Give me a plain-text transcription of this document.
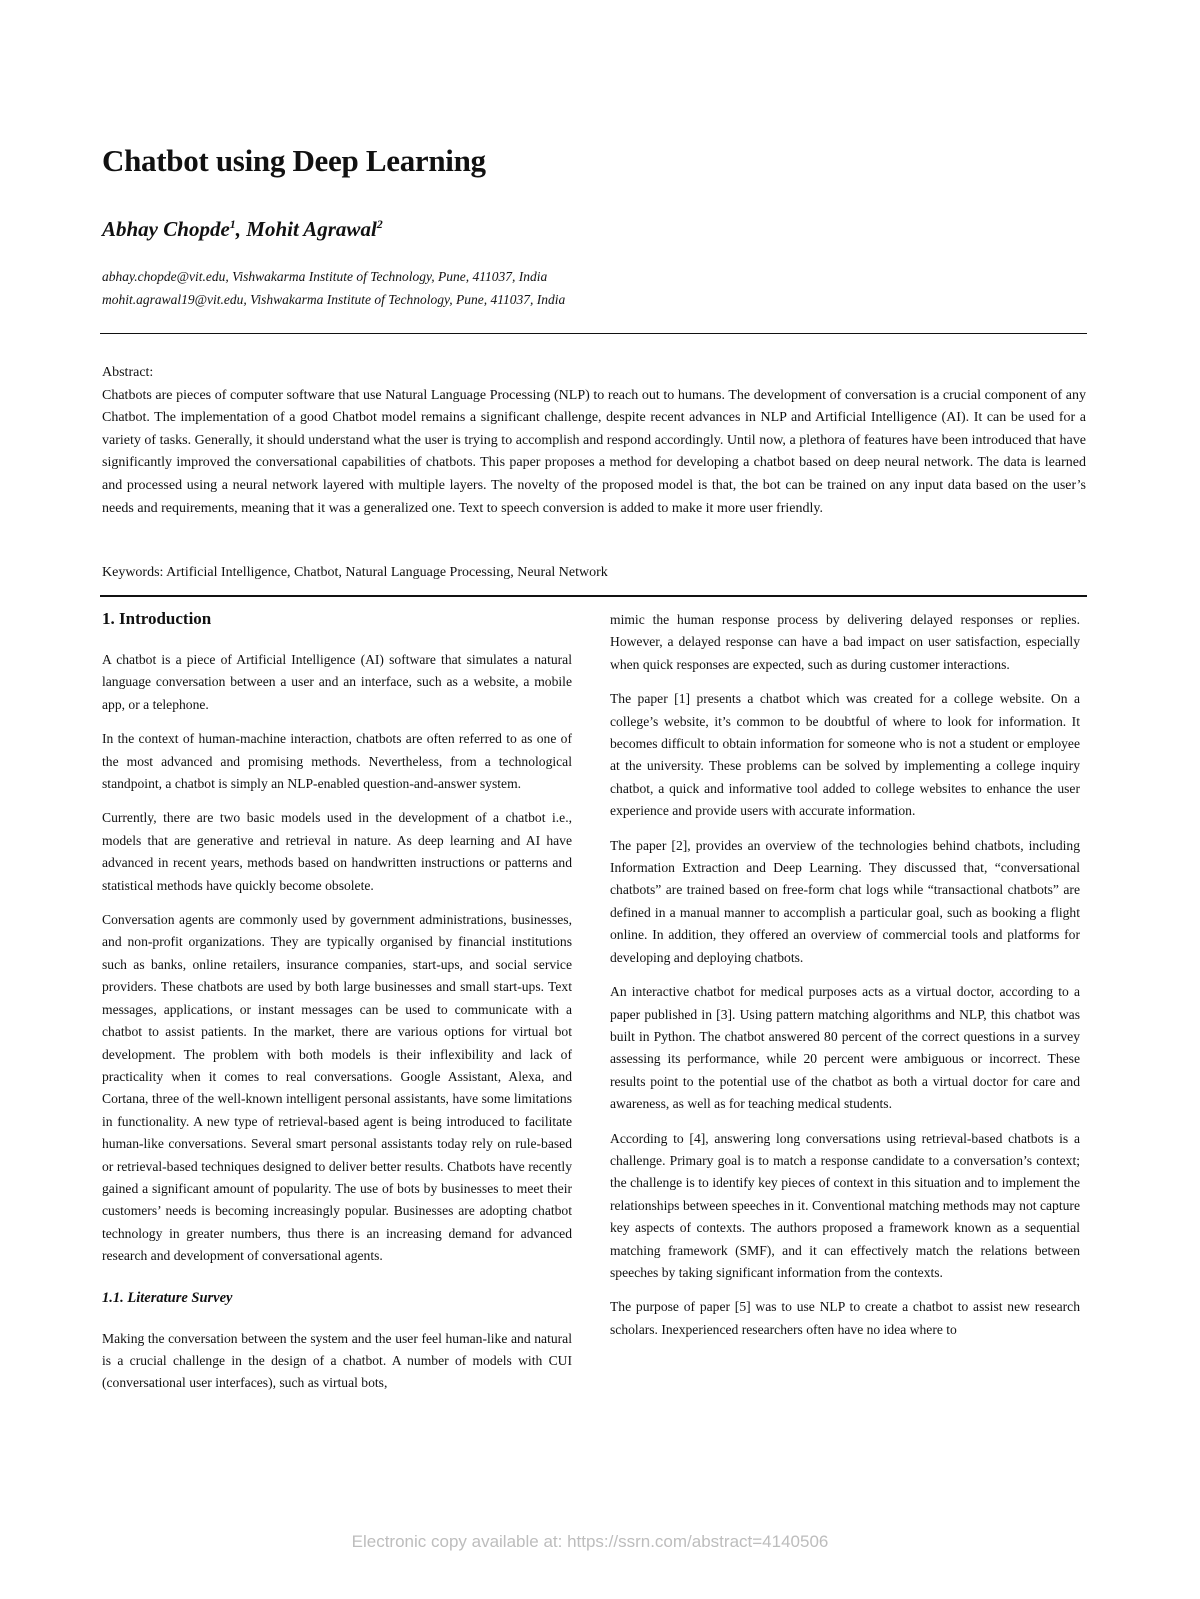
Chatbot using Deep Learning
Abhay Chopde$^1$, Mohit Agrawal$^2$
abhay.chopde@vit.edu, Vishwakarma Institute of Technology, Pune, 411037, India
mohit.agrawal19@vit.edu, Vishwakarma Institute of Technology, Pune, 411037, India
Abstract:
Chatbots are pieces of computer software that use Natural Language Processing (NLP) to reach out to humans. The development of conversation is a crucial component of any Chatbot. The implementation of a good Chatbot model remains a significant challenge, despite recent advances in NLP and Artificial Intelligence (AI). It can be used for a variety of tasks. Generally, it should understand what the user is trying to accomplish and respond accordingly. Until now, a plethora of features have been introduced that have significantly improved the conversational capabilities of chatbots. This paper proposes a method for developing a chatbot based on deep neural network. The data is learned and processed using a neural network layered with multiple layers. The novelty of the proposed model is that, the bot can be trained on any input data based on the user’s needs and requirements, meaning that it was a generalized one. Text to speech conversion is added to make it more user friendly.
Keywords: Artificial Intelligence, Chatbot, Natural Language Processing, Neural Network
1. Introduction

A chatbot is a piece of Artificial Intelligence (AI) software that simulates a natural language conversation between a user and an interface, such as a website, a mobile app, or a telephone.

In the context of human-machine interaction, chatbots are often referred to as one of the most advanced and promising methods. Nevertheless, from a technological standpoint, a chatbot is simply an NLP-enabled question-and-answer system.

Currently, there are two basic models used in the development of a chatbot i.e., models that are generative and retrieval in nature. As deep learning and AI have advanced in recent years, methods based on handwritten instructions or patterns and statistical methods have quickly become obsolete.

Conversation agents are commonly used by government administrations, businesses, and non-profit organizations. They are typically organised by financial institutions such as banks, online retailers, insurance companies, start-ups, and social service providers. These chatbots are used by both large businesses and small start-ups. Text messages, applications, or instant messages can be used to communicate with a chatbot to assist patients. In the market, there are various options for virtual bot development. The problem with both models is their inflexibility and lack of practicality when it comes to real conversations. Google Assistant, Alexa, and Cortana, three of the well-known intelligent personal assistants, have some limitations in functionality. A new type of retrieval-based agent is being introduced to facilitate human-like conversations. Several smart personal assistants today rely on rule-based or retrieval-based techniques designed to deliver better results. Chatbots have recently gained a significant amount of popularity. The use of bots by businesses to meet their customers’ needs is becoming increasingly popular. Businesses are adopting chatbot technology in greater numbers, thus there is an increasing demand for advanced research and development of conversational agents.

1.1. Literature Survey

Making the conversation between the system and the user feel human-like and natural is a crucial challenge in the design of a chatbot. A number of models with CUI (conversational user interfaces), such as virtual bots,

mimic the human response process by delivering delayed responses or replies. However, a delayed response can have a bad impact on user satisfaction, especially when quick responses are expected, such as during customer interactions.

The paper [1] presents a chatbot which was created for a college website. On a college’s website, it’s common to be doubtful of where to look for information. It becomes difficult to obtain information for someone who is not a student or employee at the university. These problems can be solved by implementing a college inquiry chatbot, a quick and informative tool added to college websites to enhance the user experience and provide users with accurate information.

The paper [2], provides an overview of the technologies behind chatbots, including Information Extraction and Deep Learning. They discussed that, “conversational chatbots” are trained based on free-form chat logs while “transactional chatbots” are defined in a manual manner to accomplish a particular goal, such as booking a flight online. In addition, they offered an overview of commercial tools and platforms for developing and deploying chatbots.

An interactive chatbot for medical purposes acts as a virtual doctor, according to a paper published in [3]. Using pattern matching algorithms and NLP, this chatbot was built in Python. The chatbot answered 80 percent of the correct questions in a survey assessing its performance, while 20 percent were ambiguous or incorrect. These results point to the potential use of the chatbot as both a virtual doctor for care and awareness, as well as for teaching medical students.

According to [4], answering long conversations using retrieval-based chatbots is a challenge. Primary goal is to match a response candidate to a conversation’s context; the challenge is to identify key pieces of context in this situation and to implement the relationships between speeches in it. Conventional matching methods may not capture key aspects of contexts. The authors proposed a framework known as a sequential matching framework (SMF), and it can effectively match the relations between speeches by taking significant information from the contexts.

The purpose of paper [5] was to use NLP to create a chatbot to assist new research scholars. Inexperienced researchers often have no idea where to

Electronic copy available at: https://ssrn.com/abstract=4140506
